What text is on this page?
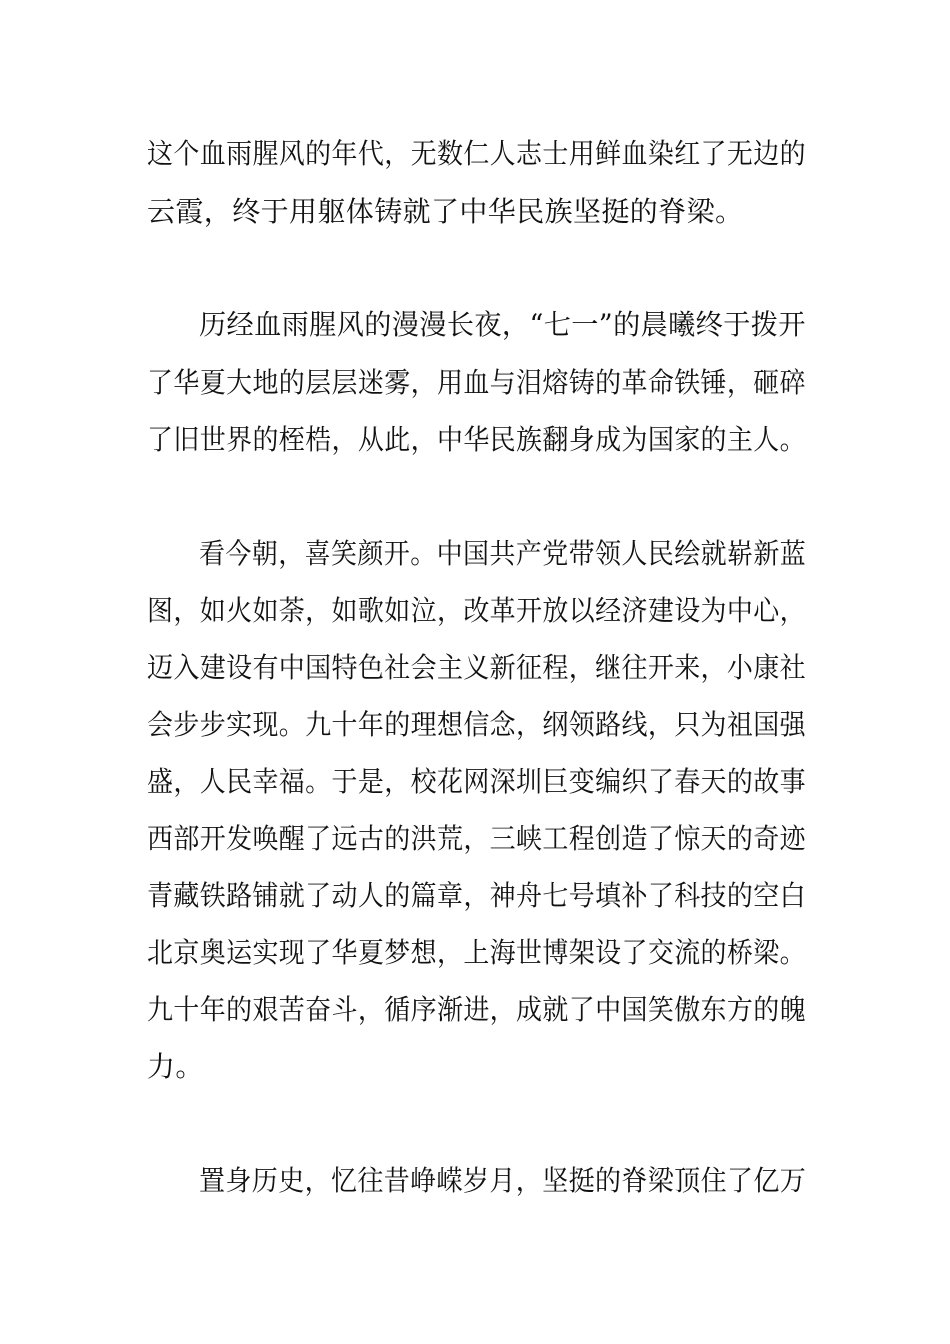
这个血雨腥风的年代，无数仁人志士用鲜血染红了无边的
云霞，终于用躯体铸就了中华民族坚挺的脊梁。
历经血雨腥风的漫漫长夜，“七一”的晨曦终于拨开
了华夏大地的层层迷雾，用血与泪熔铸的革命铁锤，砸碎
了旧世界的桎梏，从此，中华民族翻身成为国家的主人。
看今朝，喜笑颜开。中国共产党带领人民绘就崭新蓝
图，如火如荼，如歌如泣，改革开放以经济建设为中心，
迈入建设有中国特色社会主义新征程，继往开来，小康社
会步步实现。九十年的理想信念，纲领路线，只为祖国强
盛，人民幸福。于是，校花网深圳巨变编织了春天的故事
西部开发唤醒了远古的洪荒，三峡工程创造了惊天的奇迹
青藏铁路铺就了动人的篇章，神舟七号填补了科技的空白
北京奥运实现了华夏梦想，上海世博架设了交流的桥梁。
九十年的艰苦奋斗，循序渐进，成就了中国笑傲东方的魄
力。
置身历史，忆往昔峥嵘岁月，坚挺的脊梁顶住了亿万
